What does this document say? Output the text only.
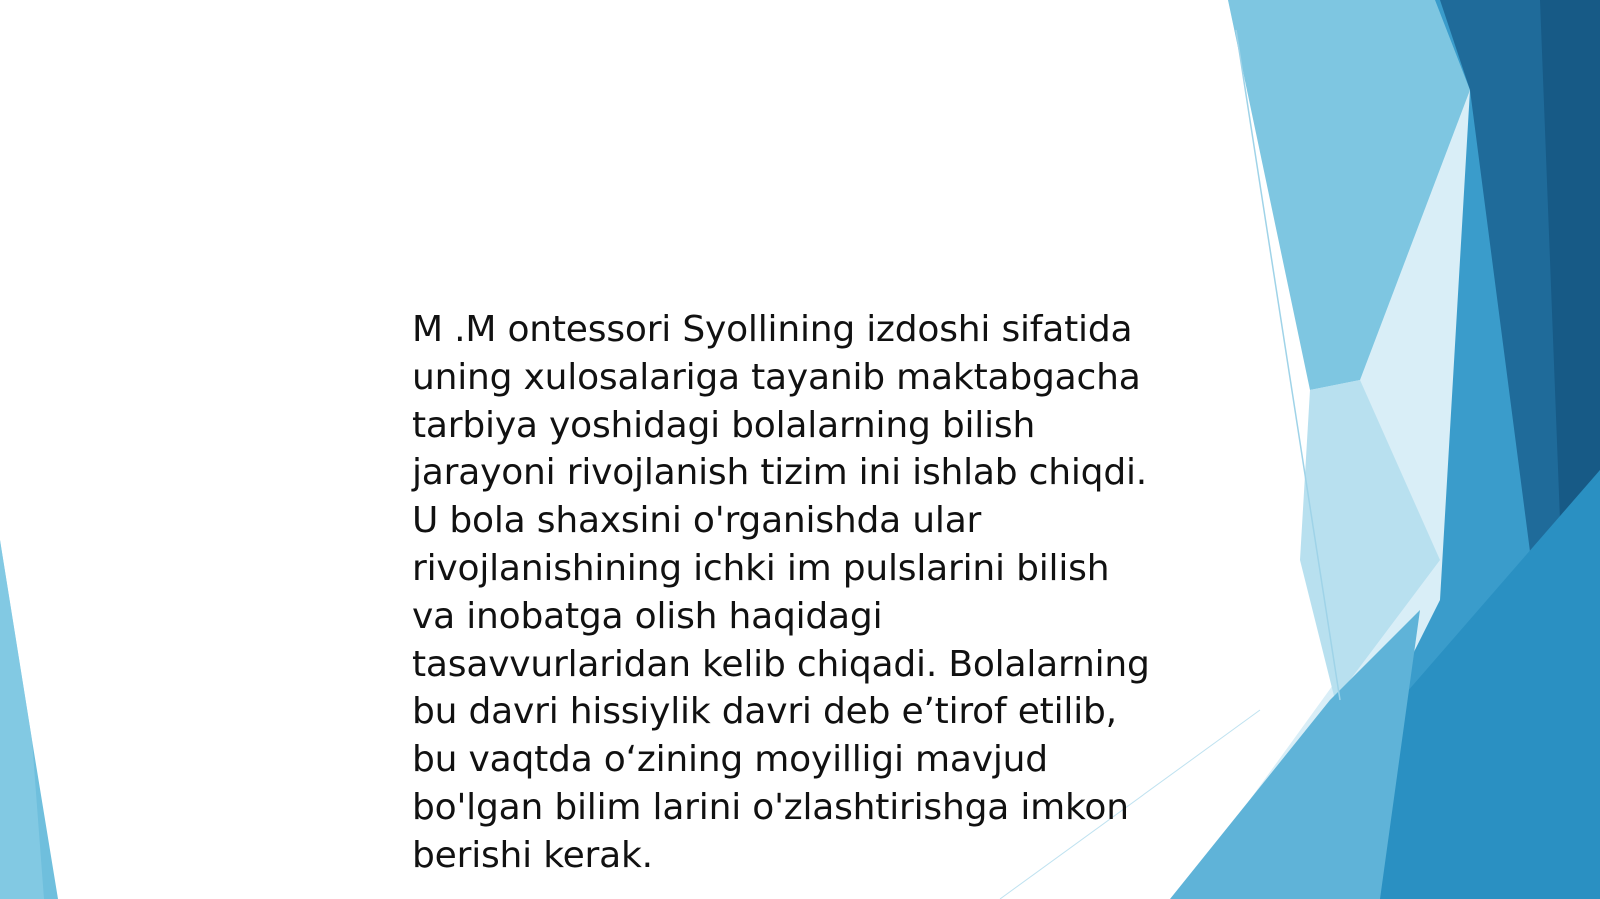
M .M ontessori Syollining izdoshi sifatida
uning xulosalariga tayanib maktabgacha
tarbiya yoshidagi bolalarning bilish
jarayoni rivojlanish tizim ini ishlab chiqdi.
U bola shaxsini o'rganishda ular
rivojlanishining ichki im pulslarini bilish
va inobatga olish haqidagi
tasavvurlaridan kelib chiqadi. Bolalarning
bu davri hissiylik davri deb e’tirof etilib,
bu vaqtda o‘zining moyilligi mavjud
bo'lgan bilim larini o'zlashtirishga imkon
berishi kerak.
